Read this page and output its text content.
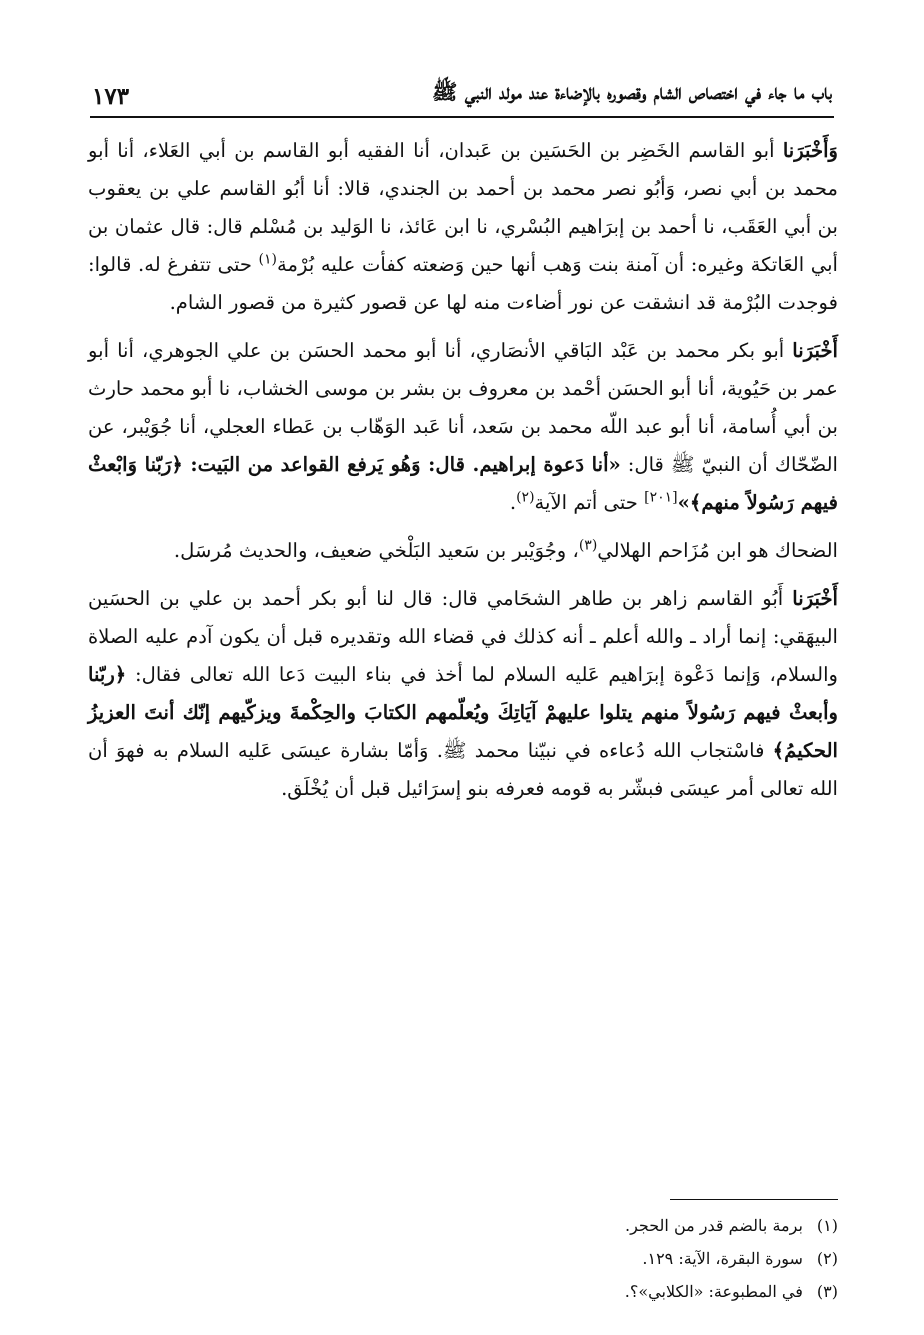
باب ما جاء في اختصاص الشام وقصوره بالإضاءة عند مولد النبي ﷺ
١٧٣

وَأَخْبَرَنا أبو القاسم الخَضِر بن الحَسَين بن عَبدان، أنا الفقيه أبو القاسم بن أبي العَلاء، أنا أبو محمد بن أبي نصر، وَأبُو نصر محمد بن أحمد بن الجندي، قالا: أنا أبُو القاسم علي بن يعقوب بن أبي العَقَب، نا أحمد بن إبرَاهيم البُسْري، نا ابن عَائذ، نا الوَليد بن مُسْلم قال: قال عثمان بن أبي العَاتكة وغيره: أن آمنة بنت وَهب أنها حين وَضعته كفأت عليه بُرْمة$^{(١)}$ حتى تتفرغ له. قالوا: فوجدت البُرْمة قد انشقت عن نور أضاءت منه لها عن قصور كثيرة من قصور الشام.

أَخْبَرَنا أبو بكر محمد بن عَبْد البَاقي الأنصَاري، أنا أبو محمد الحسَن بن علي الجوهري، أنا أبو عمر بن حَيُوية، أنا أبو الحسَن أحْمد بن معروف بن بشر بن موسى الخشاب، نا أبو محمد حارث بن أبي أُسامة، أنا أبو عبد اللّه محمد بن سَعد، أنا عَبد الوَهّاب بن عَطاء العجلي، أنا جُوَيْبر، عن الضّحّاك أن النبيّ ﷺ قال: «أنا دَعوة إبراهيم. قال: وَهُو يَرفع القواعد من البَيت: ﴿رَبّنا وَابْعثْ فيهم رَسُولاً منهم﴾»[٢٠١] حتى أتم الآية$^{(٢)}$.

الضحاك هو ابن مُزَاحم الهلالي$^{(٣)}$، وجُوَيْبر بن سَعيد البَلْخي ضعيف، والحديث مُرسَل.

أَخْبَرَنا أَبُو القاسم زاهر بن طاهر الشحَامي قال: قال لنا أبو بكر أحمد بن علي بن الحسَين البيهَقي: إنما أراد ـ والله أعلم ـ أنه كذلك في قضاء الله وتقديره قبل أن يكون آدم عليه الصلاة والسلام، وَإنما دَعْوة إبرَاهيم عَليه السلام لما أخذ في بناء البيت دَعا الله تعالى فقال: ﴿ربّنا وأبعثْ فيهم رَسُولاً منهم يتلوا عليهمْ آيَاتِكَ ويُعلّمهم الكتابَ والحِكْمةَ ويزكّيهم إنّك أنتَ العزيزُ الحكيمُ﴾ فاسْتجاب الله دُعاءه في نبيّنا محمد ﷺ. وَأمّا بشارة عيسَى عَليه السلام به فهوَ أن الله تعالى أمر عيسَى فبشّر به قومه فعرفه بنو إسرَائيل قبل أن يُخْلَق.

(١) برمة بالضم قدر من الحجر.
(٢) سورة البقرة، الآية: ١٢٩.
(٣) في المطبوعة: «الكلابي»؟.
